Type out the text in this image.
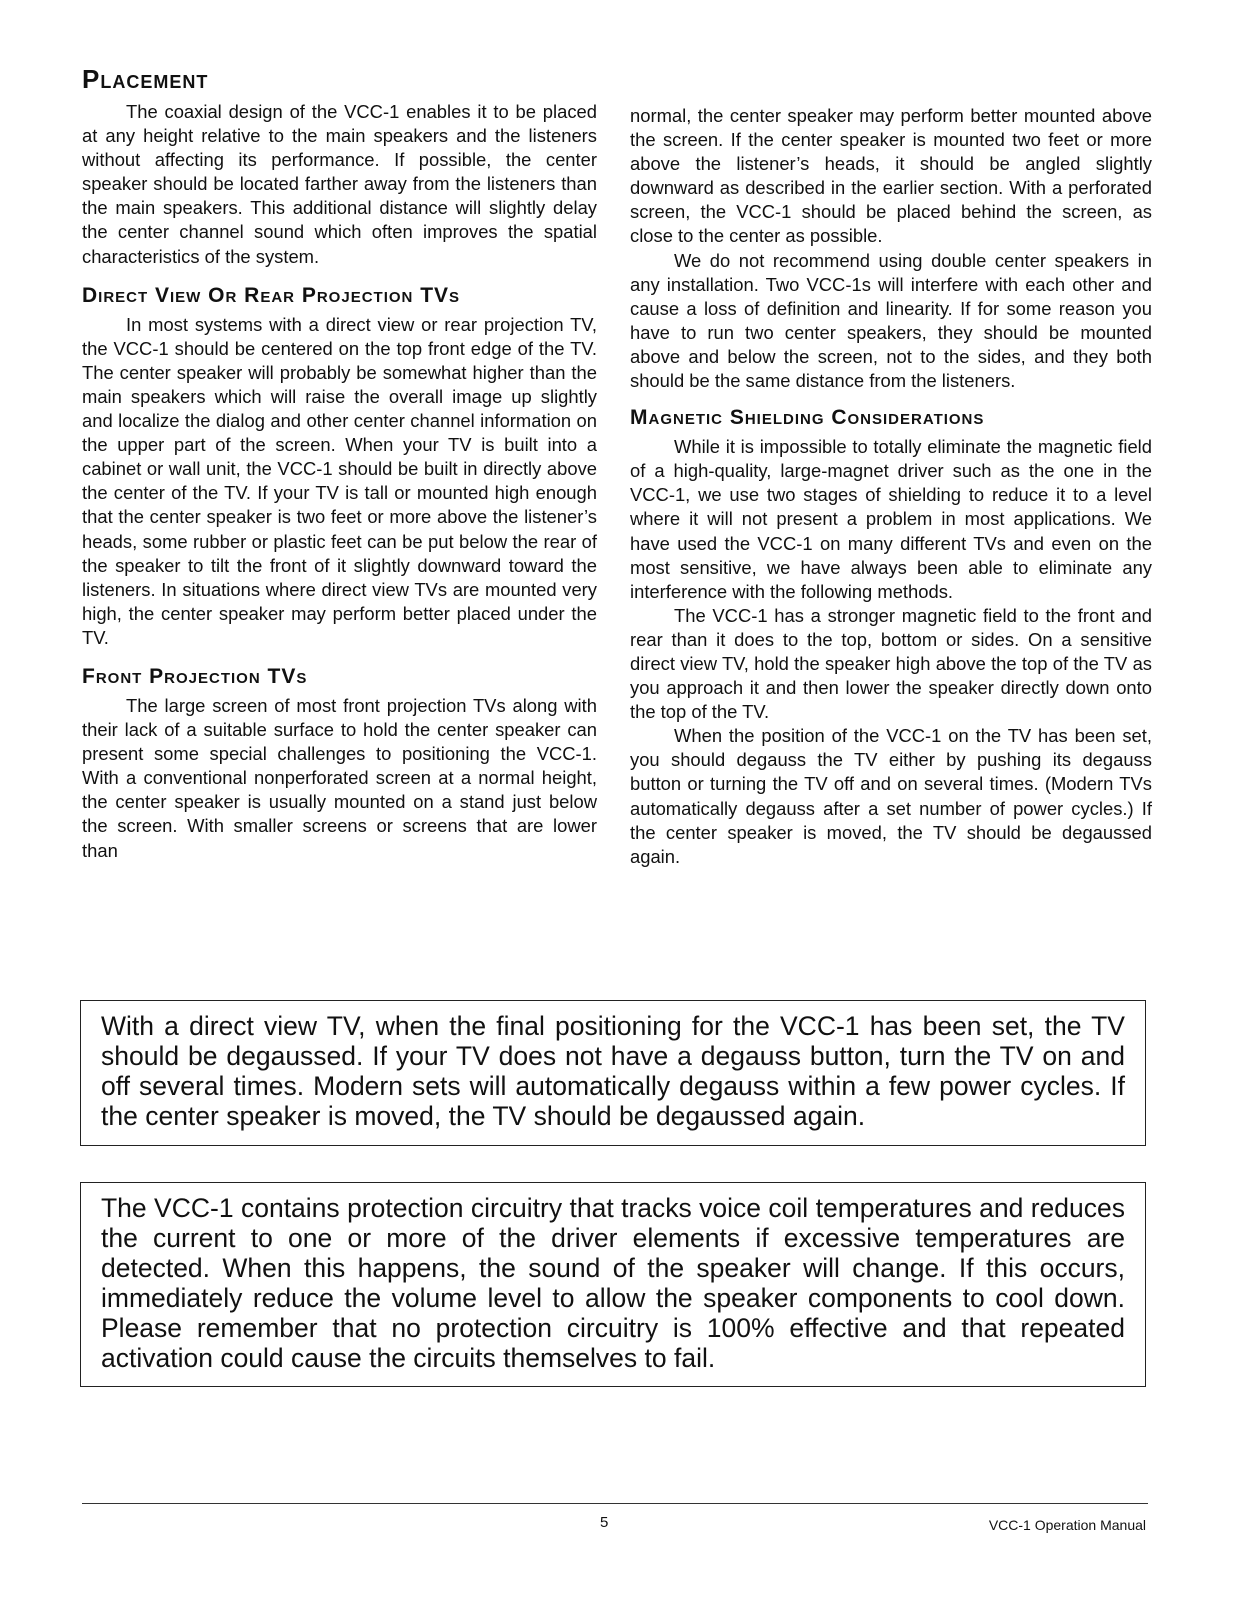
Placement

The coaxial design of the VCC-1 enables it to be placed at any height relative to the main speakers and the listeners without affecting its performance. If possible, the center speaker should be located farther away from the listeners than the main speakers. This additional distance will slightly delay the center channel sound which often improves the spatial characteristics of the system.

Direct View Or Rear Projection TVs

In most systems with a direct view or rear projection TV, the VCC-1 should be centered on the top front edge of the TV. The center speaker will probably be somewhat higher than the main speakers which will raise the overall image up slightly and localize the dialog and other center channel information on the upper part of the screen. When your TV is built into a cabinet or wall unit, the VCC-1 should be built in directly above the center of the TV. If your TV is tall or mounted high enough that the center speaker is two feet or more above the listener’s heads, some rubber or plastic feet can be put below the rear of the speaker to tilt the front of it slightly downward toward the listeners. In situations where direct view TVs are mounted very high, the center speaker may perform better placed under the TV.

Front Projection TVs

The large screen of most front projection TVs along with their lack of a suitable surface to hold the center speaker can present some special challenges to positioning the VCC-1. With a conventional nonperforated screen at a normal height, the center speaker is usually mounted on a stand just below the screen. With smaller screens or screens that are lower than

normal, the center speaker may perform better mounted above the screen. If the center speaker is mounted two feet or more above the listener’s heads, it should be angled slightly downward as described in the earlier section. With a perforated screen, the VCC-1 should be placed behind the screen, as close to the center as possible.

We do not recommend using double center speakers in any installation. Two VCC-1s will interfere with each other and cause a loss of definition and linearity. If for some reason you have to run two center speakers, they should be mounted above and below the screen, not to the sides, and they both should be the same distance from the listeners.

Magnetic Shielding Considerations

While it is impossible to totally eliminate the magnetic field of a high-quality, large-magnet driver such as the one in the VCC-1, we use two stages of shielding to reduce it to a level where it will not present a problem in most applications. We have used the VCC-1 on many different TVs and even on the most sensitive, we have always been able to eliminate any interference with the following methods.

The VCC-1 has a stronger magnetic field to the front and rear than it does to the top, bottom or sides. On a sensitive direct view TV, hold the speaker high above the top of the TV as you approach it and then lower the speaker directly down onto the top of the TV.

When the position of the VCC-1 on the TV has been set, you should degauss the TV either by pushing its degauss button or turning the TV off and on several times. (Modern TVs automatically degauss after a set number of power cycles.) If the center speaker is moved, the TV should be degaussed again.

With a direct view TV, when the final positioning for the VCC-1 has been set, the TV should be degaussed. If your TV does not have a degauss button, turn the TV on and off several times. Modern sets will automatically degauss within a few power cycles. If the center speaker is moved, the TV should be degaussed again.

The VCC-1 contains protection circuitry that tracks voice coil temperatures and reduces the current to one or more of the driver elements if excessive temperatures are detected. When this happens, the sound of the speaker will change. If this occurs, immediately reduce the volume level to allow the speaker components to cool down. Please remember that no protection circuitry is 100% effective and that repeated activation could cause the circuits themselves to fail.

5	VCC-1 Operation Manual
